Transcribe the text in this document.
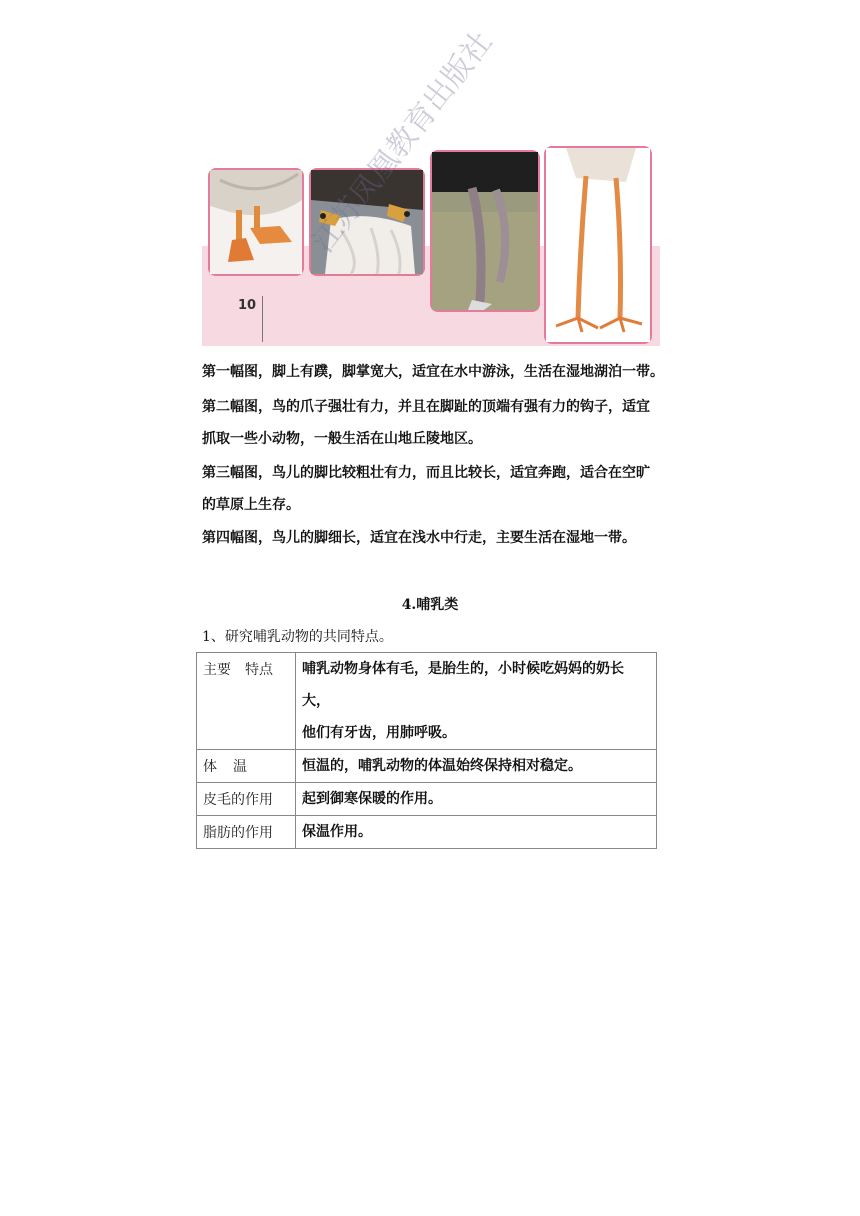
江苏凤凰教育出版社
10
第一幅图，脚上有蹼，脚掌宽大，适宜在水中游泳，生活在湿地湖泊一带。
第二幅图，鸟的爪子强壮有力，并且在脚趾的顶端有强有力的钩子，适宜
抓取一些小动物，一般生活在山地丘陵地区。
第三幅图，鸟儿的脚比较粗壮有力，而且比较长，适宜奔跑，适合在空旷
的草原上生存。
第四幅图，鸟儿的脚细长，适宜在浅水中行走，主要生活在湿地一带。
4.哺乳类
1、研究哺乳动物的共同特点。
主要　特点	哺乳动物身体有毛，是胎生的，小时候吃妈妈的奶长大，
他们有牙齿，用肺呼吸。

体温	恒温的，哺乳动物的体温始终保持相对稳定。

皮毛的作用	起到御寒保暖的作用。

脂肪的作用	保温作用。
